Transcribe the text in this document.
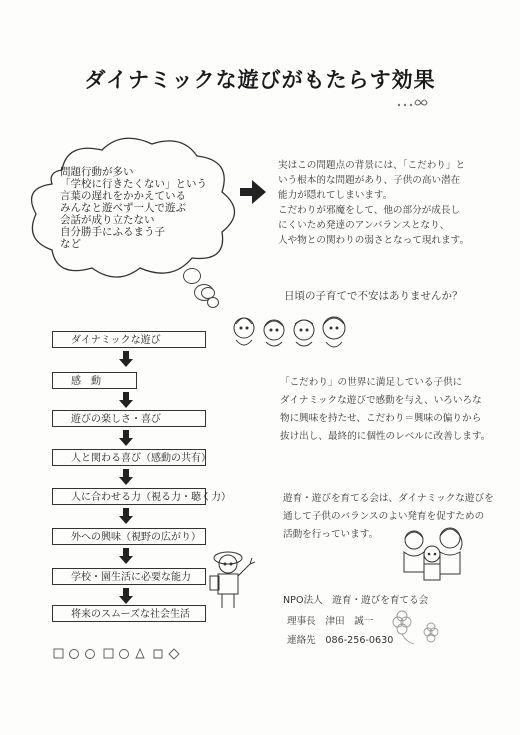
ダイナミックな遊びがもたらす効果
問題行動が多い
「学校に行きたくない」という
言葉の遅れをかかえている
みんなと遊べず一人で遊ぶ
会話が成り立たない
自分勝手にふるまう子
など
実はこの問題点の背景には、「こだわり」と
いう根本的な問題があり、子供の高い潜在
能力が隠れてしまいます。
こだわりが邪魔をして、他の部分が成長し
にくいため発達のアンバランスとなり、
人や物との関わりの弱さとなって現れます。
日頃の子育てで不安はありませんか？
ダイナミックな遊び
感　動
遊びの楽しさ・喜び
人と関わる喜び（感動の共有）
人に合わせる力（視る力・聴く力）
外への興味（視野の広がり）
学校・園生活に必要な能力
将来のスムーズな社会生活
「こだわり」の世界に満足している子供に
ダイナミックな遊びで感動を与え、いろいろな
物に興味を持たせ、こだわり＝興味の偏りから
抜け出し、最終的に個性のレベルに改善します。
遊育・遊びを育てる会は、ダイナミックな遊びを
通して子供のバランスのよい発育を促すための
活動を行っています。
NPO法人　遊育・遊びを育てる会
理事長　津田　誠一
連絡先　086-256-0630
